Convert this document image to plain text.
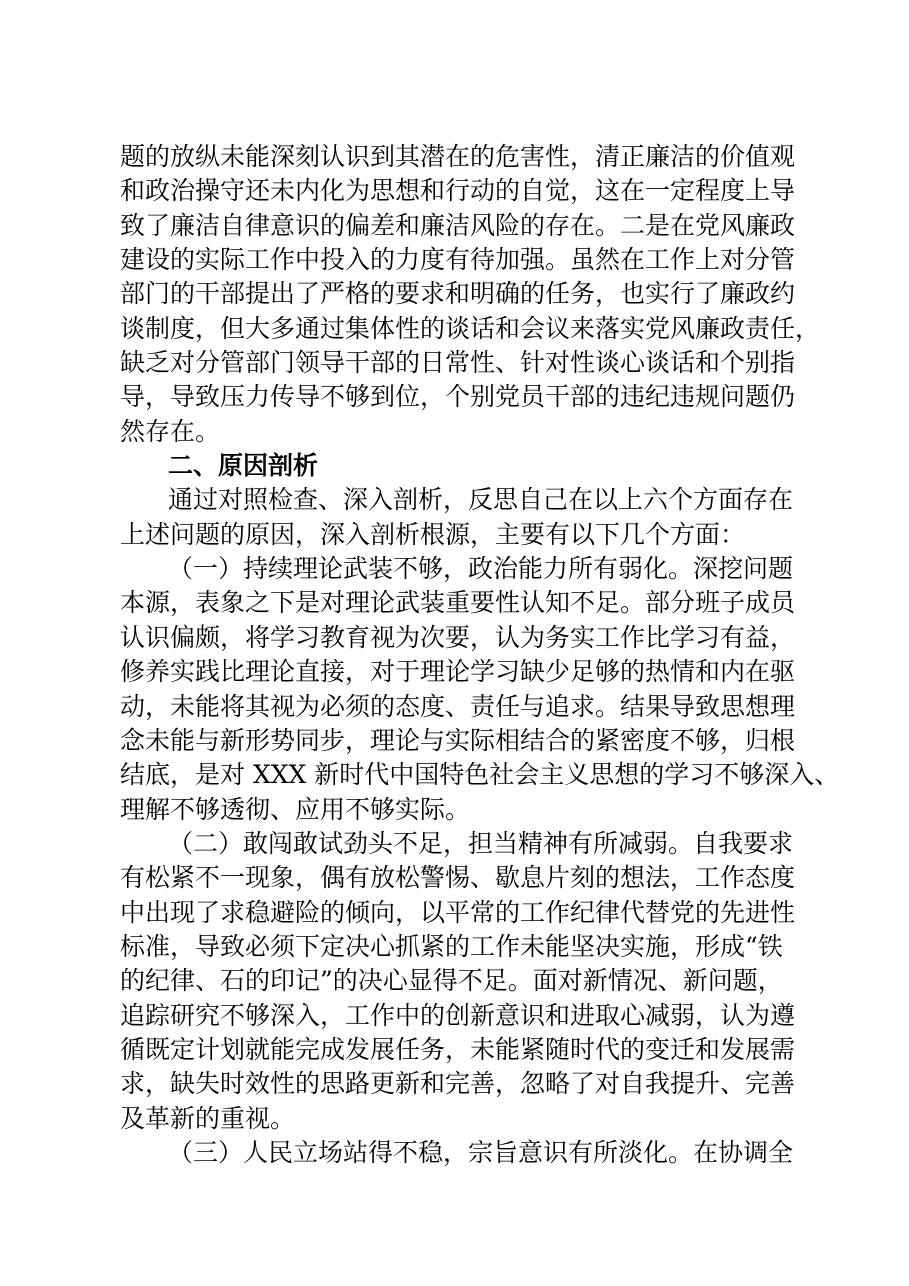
题的放纵未能深刻认识到其潜在的危害性，清正廉洁的价值观
和政治操守还未内化为思想和行动的自觉，这在一定程度上导
致了廉洁自律意识的偏差和廉洁风险的存在。二是在党风廉政
建设的实际工作中投入的力度有待加强。虽然在工作上对分管
部门的干部提出了严格的要求和明确的任务，也实行了廉政约
谈制度，但大多通过集体性的谈话和会议来落实党风廉政责任，
缺乏对分管部门领导干部的日常性、针对性谈心谈话和个别指
导，导致压力传导不够到位，个别党员干部的违纪违规问题仍
然存在。
二、原因剖析
通过对照检查、深入剖析，反思自己在以上六个方面存在
上述问题的原因，深入剖析根源，主要有以下几个方面：
（一）持续理论武装不够，政治能力所有弱化。深挖问题
本源，表象之下是对理论武装重要性认知不足。部分班子成员
认识偏颇，将学习教育视为次要，认为务实工作比学习有益，
修养实践比理论直接，对于理论学习缺少足够的热情和内在驱
动，未能将其视为必须的态度、责任与追求。结果导致思想理
念未能与新形势同步，理论与实际相结合的紧密度不够，归根
结底，是对 XXX 新时代中国特色社会主义思想的学习不够深入、
理解不够透彻、应用不够实际。
（二）敢闯敢试劲头不足，担当精神有所减弱。自我要求
有松紧不一现象，偶有放松警惕、歇息片刻的想法，工作态度
中出现了求稳避险的倾向，以平常的工作纪律代替党的先进性
标准，导致必须下定决心抓紧的工作未能坚决实施，形成“铁
的纪律、石的印记”的决心显得不足。面对新情况、新问题，
追踪研究不够深入，工作中的创新意识和进取心减弱，认为遵
循既定计划就能完成发展任务，未能紧随时代的变迁和发展需
求，缺失时效性的思路更新和完善，忽略了对自我提升、完善
及革新的重视。
（三）人民立场站得不稳，宗旨意识有所淡化。在协调全
